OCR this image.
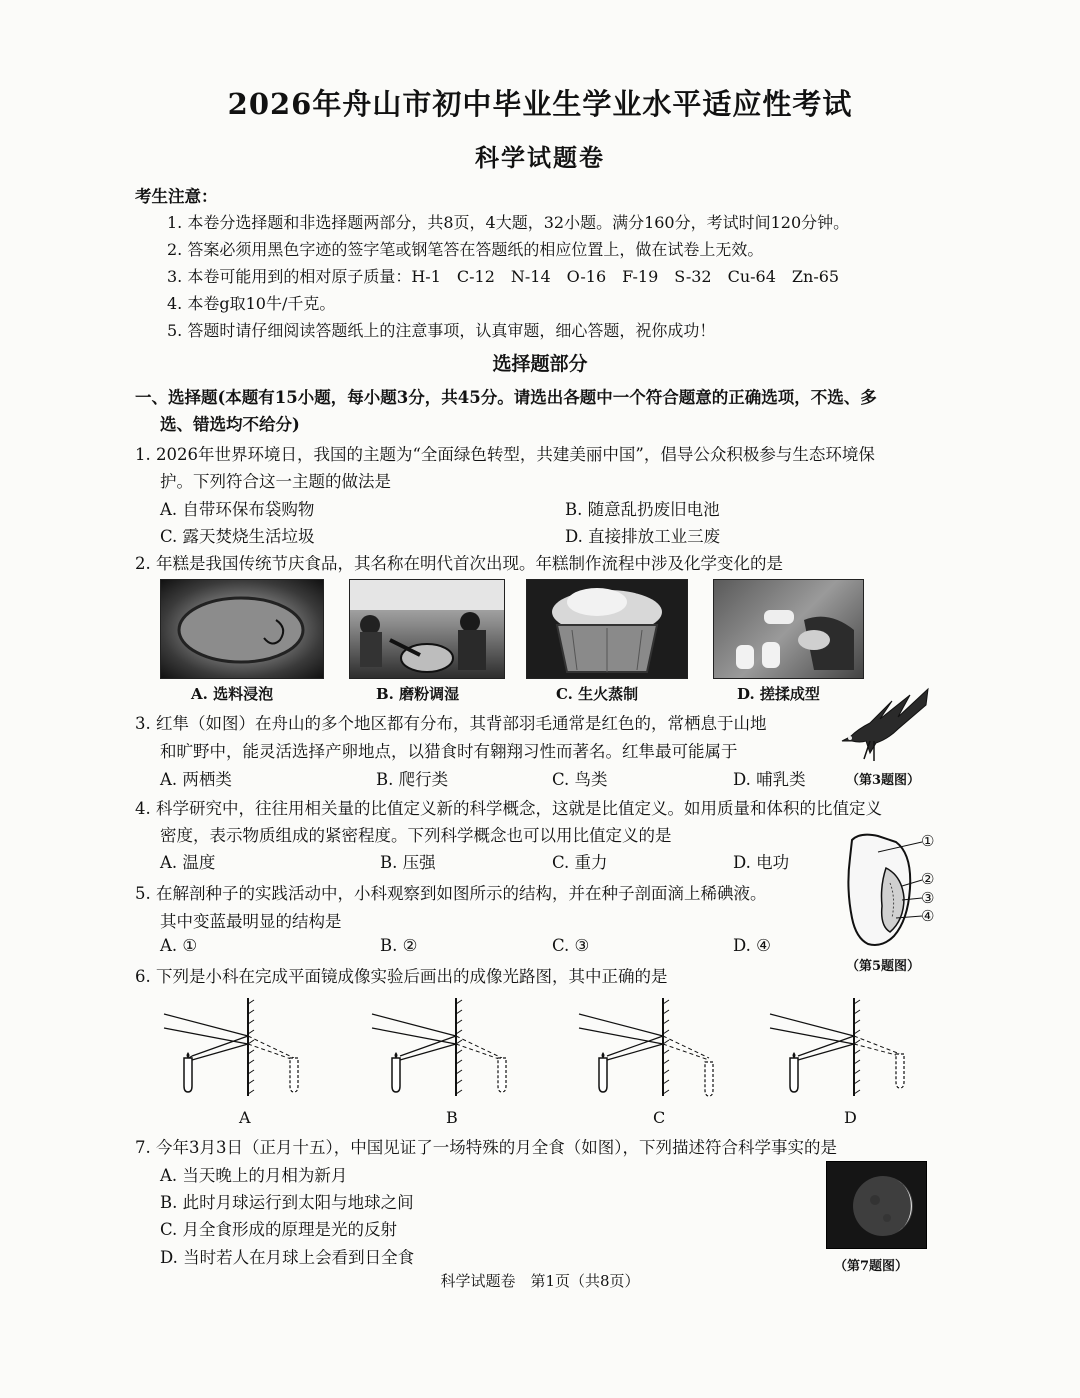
2026年舟山市初中毕业生学业水平适应性考试
科学试题卷
考生注意：
1. 本卷分选择题和非选择题两部分，共8页，4大题，32小题。满分160分，考试时间120分钟。
2. 答案必须用黑色字迹的签字笔或钢笔答在答题纸的相应位置上，做在试卷上无效。
3. 本卷可能用到的相对原子质量：H-1　C-12　N-14　O-16　F-19　S-32　Cu-64　Zn-65
4. 本卷g取10牛/千克。
5. 答题时请仔细阅读答题纸上的注意事项，认真审题，细心答题，祝你成功！
选择题部分
一、选择题(本题有15小题，每小题3分，共45分。请选出各题中一个符合题意的正确选项，不选、多
选、错选均不给分)
1. 2026年世界环境日，我国的主题为“全面绿色转型，共建美丽中国”，倡导公众积极参与生态环境保
护。下列符合这一主题的做法是
A. 自带环保布袋购物	B. 随意乱扔废旧电池
C. 露天焚烧生活垃圾	D. 直接排放工业三废
2. 年糕是我国传统节庆食品，其名称在明代首次出现。年糕制作流程中涉及化学变化的是
A. 选料浸泡	B. 磨粉调湿	C. 生火蒸制	D. 搓揉成型
3. 红隼（如图）在舟山的多个地区都有分布，其背部羽毛通常是红色的，常栖息于山地
和旷野中，能灵活选择产卵地点，以猎食时有翱翔习性而著名。红隼最可能属于
A. 两栖类	B. 爬行类	C. 鸟类	D. 哺乳类	（第3题图）
4. 科学研究中，往往用相关量的比值定义新的科学概念，这就是比值定义。如用质量和体积的比值定义
密度，表示物质组成的紧密程度。下列科学概念也可以用比值定义的是
A. 温度	B. 压强	C. 重力	D. 电功
5. 在解剖种子的实践活动中，小科观察到如图所示的结构，并在种子剖面滴上稀碘液。
其中变蓝最明显的结构是
A. ①	B. ②	C. ③	D. ④
①
②
③
④
（第5题图）
6. 下列是小科在完成平面镜成像实验后画出的成像光路图，其中正确的是
A	B	C	D
7. 今年3月3日（正月十五），中国见证了一场特殊的月全食（如图），下列描述符合科学事实的是
A. 当天晚上的月相为新月
B. 此时月球运行到太阳与地球之间
C. 月全食形成的原理是光的反射
D. 当时若人在月球上会看到日全食	（第7题图）
科学试题卷　第1页（共8页）
